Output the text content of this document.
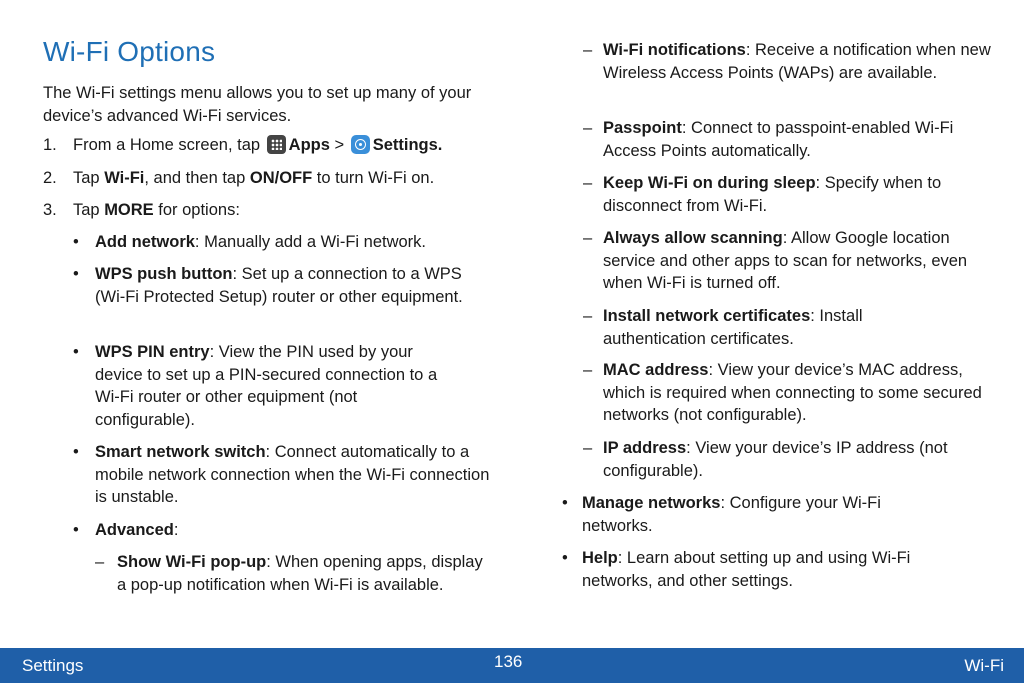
Wi-Fi Options

The Wi-Fi settings menu allows you to set up many of your device’s advanced Wi-Fi services.

1. From a Home screen, tap Apps > Settings.
2. Tap Wi-Fi, and then tap ON/OFF to turn Wi-Fi on.
3. Tap MORE for options:
• Add network: Manually add a Wi-Fi network.
• WPS push button: Set up a connection to a WPS (Wi-Fi Protected Setup) router or other equipment.
• WPS PIN entry: View the PIN used by your device to set up a PIN-secured connection to a Wi-Fi router or other equipment (not configurable).
• Smart network switch: Connect automatically to a mobile network connection when the Wi-Fi connection is unstable.
• Advanced:
– Show Wi-Fi pop-up: When opening apps, display a pop-up notification when Wi-Fi is available.
– Wi-Fi notifications: Receive a notification when new Wireless Access Points (WAPs) are available.
– Passpoint: Connect to passpoint-enabled Wi-Fi Access Points automatically.
– Keep Wi-Fi on during sleep: Specify when to disconnect from Wi-Fi.
– Always allow scanning: Allow Google location service and other apps to scan for networks, even when Wi-Fi is turned off.
– Install network certificates: Install authentication certificates.
– MAC address: View your device’s MAC address, which is required when connecting to some secured networks (not configurable).
– IP address: View your device’s IP address (not configurable).
• Manage networks: Configure your Wi-Fi networks.
• Help: Learn about setting up and using Wi-Fi networks, and other settings.
Settings	136	Wi-Fi
